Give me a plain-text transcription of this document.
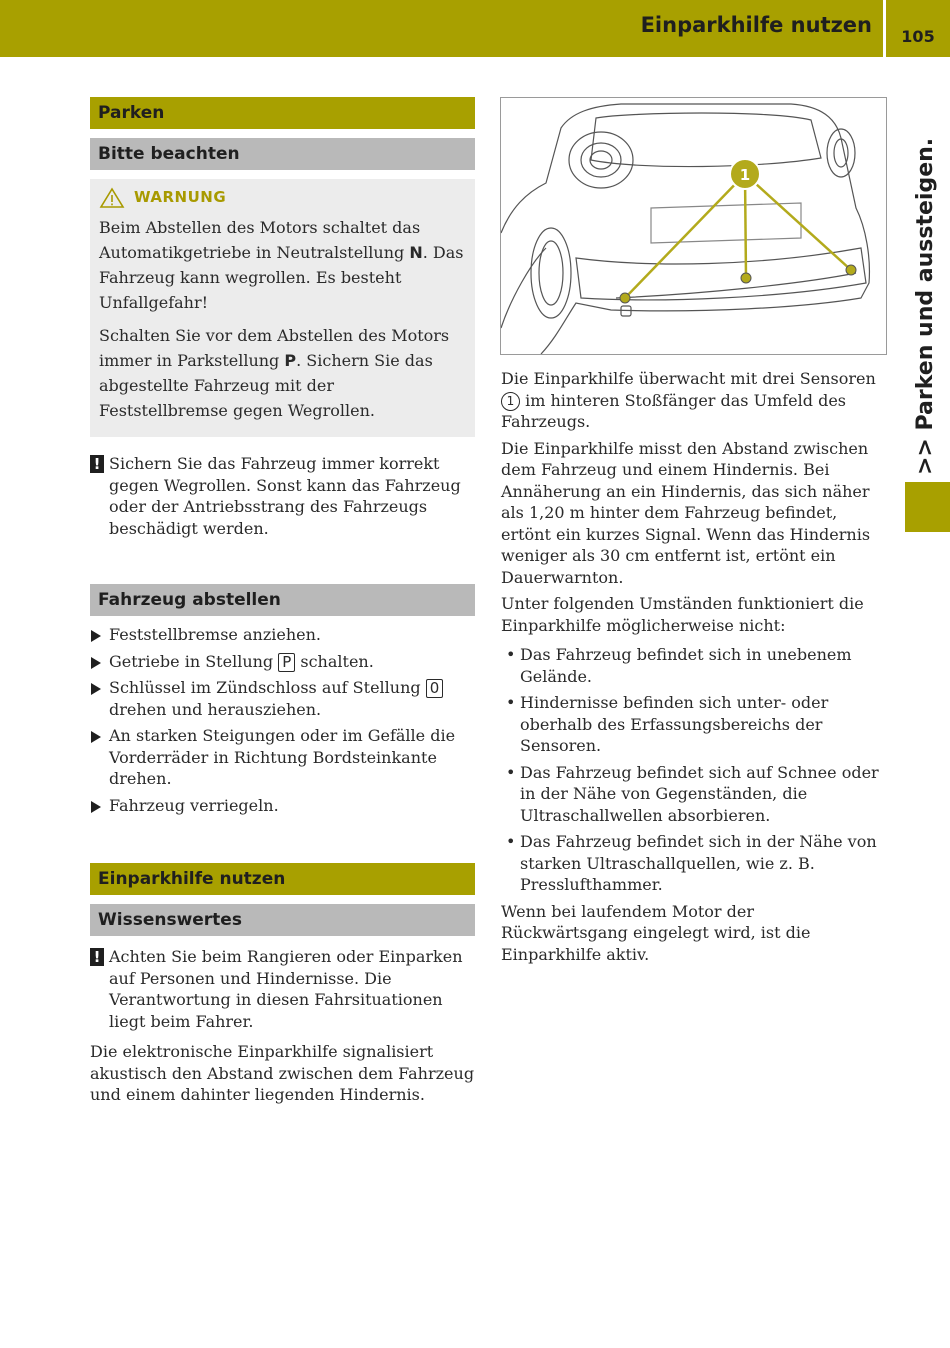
Einparkhilfe nutzen	105
>> Parken und aussteigen.
Parken
Bitte beachten
WARNUNG

Beim Abstellen des Motors schaltet das Automatikgetriebe in Neutralstellung N. Das Fahrzeug kann wegrollen. Es besteht Unfallgefahr!

Schalten Sie vor dem Abstellen des Motors immer in Parkstellung P. Sichern Sie das abgestellte Fahrzeug mit der Feststellbremse gegen Wegrollen.

! Sichern Sie das Fahrzeug immer korrekt gegen Wegrollen. Sonst kann das Fahrzeug oder der Antriebsstrang des Fahrzeugs beschädigt werden.
Fahrzeug abstellen
Feststellbremse anziehen.
Getriebe in Stellung P schalten.
Schlüssel im Zündschloss auf Stellung 0 drehen und herausziehen.
An starken Steigungen oder im Gefälle die Vorderräder in Richtung Bordsteinkante drehen.
Fahrzeug verriegeln.
Einparkhilfe nutzen
Wissenswertes
! Achten Sie beim Rangieren oder Einparken auf Personen und Hindernisse. Die Verantwortung in diesen Fahrsituationen liegt beim Fahrer.

Die elektronische Einparkhilfe signalisiert akustisch den Abstand zwischen dem Fahrzeug und einem dahinter liegenden Hindernis.

1

Die Einparkhilfe überwacht mit drei Sensoren 1 im hinteren Stoßfänger das Umfeld des Fahrzeugs.

Die Einparkhilfe misst den Abstand zwischen dem Fahrzeug und einem Hindernis. Bei Annäherung an ein Hindernis, das sich näher als 1,20 m hinter dem Fahrzeug befindet, ertönt ein kurzes Signal. Wenn das Hindernis weniger als 30 cm entfernt ist, ertönt ein Dauerwarnton.

Unter folgenden Umständen funktioniert die Einparkhilfe möglicherweise nicht:

• Das Fahrzeug befindet sich in unebenem Gelände.
• Hindernisse befinden sich unter- oder oberhalb des Erfassungsbereichs der Sensoren.
• Das Fahrzeug befindet sich auf Schnee oder in der Nähe von Gegenständen, die Ultraschallwellen absorbieren.
• Das Fahrzeug befindet sich in der Nähe von starken Ultraschallquellen, wie z. B. Presslufthammer.

Wenn bei laufendem Motor der Rückwärtsgang eingelegt wird, ist die Einparkhilfe aktiv.
